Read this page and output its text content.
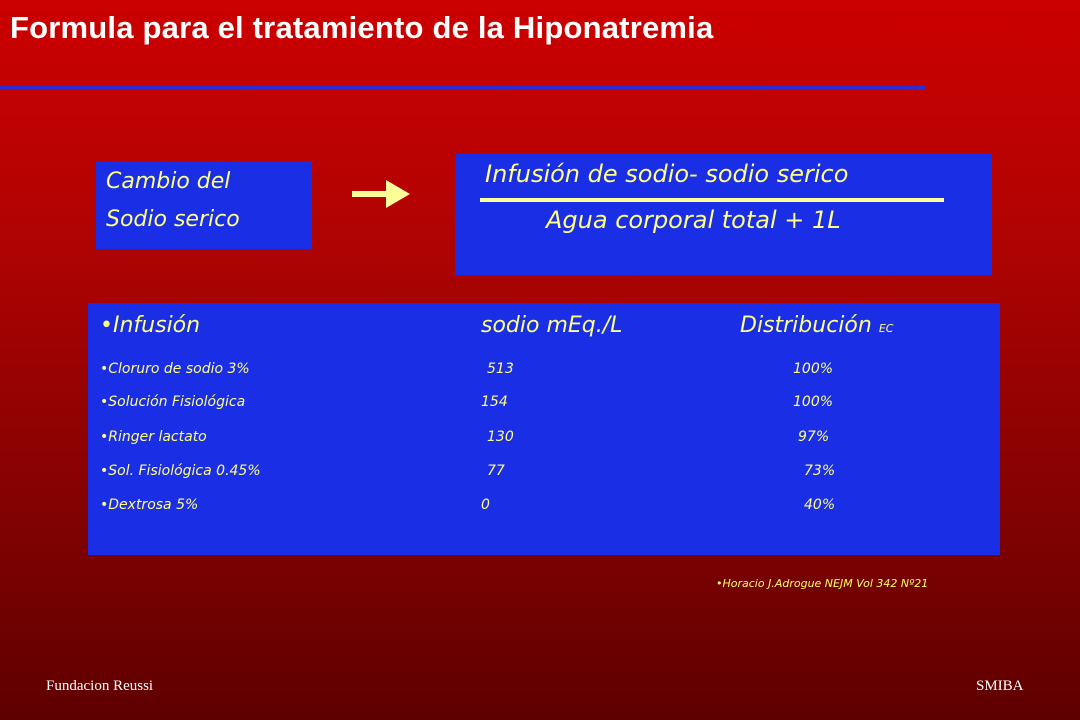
Formula para el tratamiento de la Hiponatremia
Cambio del
Sodio serico
Infusión de sodio- sodio serico
Agua corporal total + 1L
•Infusión	sodio mEq./L	Distribución EC
•Cloruro de sodio 3%	513	100%
•Solución Fisiológica	154	100%
•Ringer lactato	130	97%
•Sol. Fisiológica 0.45%	77	73%
•Dextrosa 5%	0	40%
•Horacio J.Adrogue NEJM Vol 342 Nº21
Fundacion Reussi	SMIBA
